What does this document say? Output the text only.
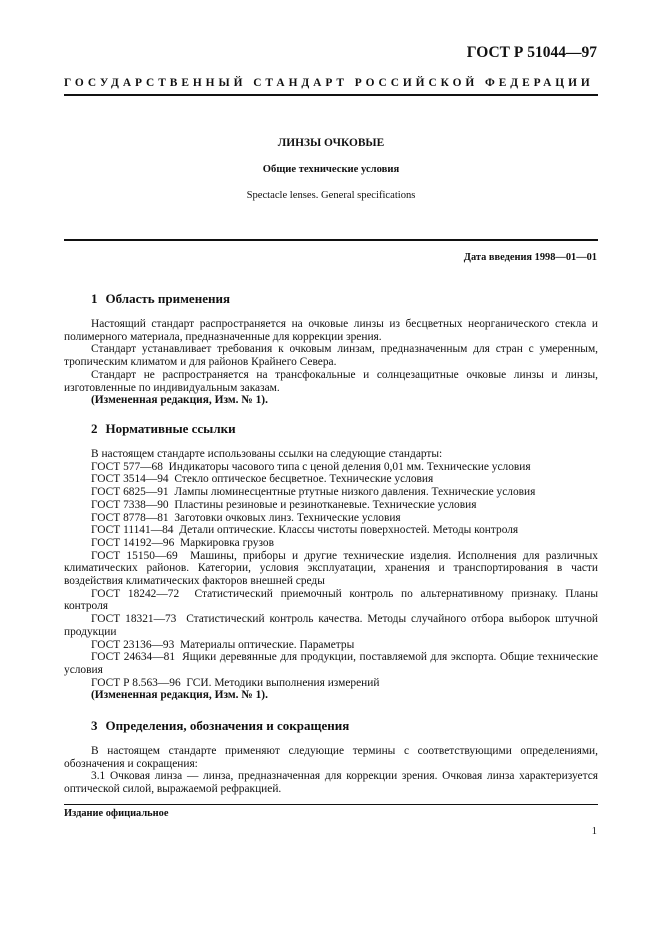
ГОСТ Р 51044—97
ГОСУДАРСТВЕННЫЙ СТАНДАРТ РОССИЙСКОЙ ФЕДЕРАЦИИ
ЛИНЗЫ ОЧКОВЫЕ
Общие технические условия
Spectacle lenses. General specifications
Дата введения 1998—01—01
1 Область применения

Настоящий стандарт распространяется на очковые линзы из бесцветных неорганического стекла и полимерного материала, предназначенные для коррекции зрения.

Стандарт устанавливает требования к очковым линзам, предназначенным для стран с умеренным, тропическим климатом и для районов Крайнего Севера.

Стандарт не распространяется на трансфокальные и солнцезащитные очковые линзы и линзы, изготовленные по индивидуальным заказам.

(Измененная редакция, Изм. № 1).

2 Нормативные ссылки

В настоящем стандарте использованы ссылки на следующие стандарты:

ГОСТ 577—68 Индикаторы часового типа с ценой деления 0,01 мм. Технические условия

ГОСТ 3514—94 Стекло оптическое бесцветное. Технические условия

ГОСТ 6825—91 Лампы люминесцентные ртутные низкого давления. Технические условия

ГОСТ 7338—90 Пластины резиновые и резинотканевые. Технические условия

ГОСТ 8778—81 Заготовки очковых линз. Технические условия

ГОСТ 11141—84 Детали оптические. Классы чистоты поверхностей. Методы контроля

ГОСТ 14192—96 Маркировка грузов

ГОСТ 15150—69 Машины, приборы и другие технические изделия. Исполнения для различных климатических районов. Категории, условия эксплуатации, хранения и транспортирования в части воздействия климатических факторов внешней среды

ГОСТ 18242—72 Статистический приемочный контроль по альтернативному признаку. Планы контроля

ГОСТ 18321—73 Статистический контроль качества. Методы случайного отбора выборок штучной продукции

ГОСТ 23136—93 Материалы оптические. Параметры

ГОСТ 24634—81 Ящики деревянные для продукции, поставляемой для экспорта. Общие технические условия

ГОСТ Р 8.563—96 ГСИ. Методики выполнения измерений

(Измененная редакция, Изм. № 1).

3 Определения, обозначения и сокращения

В настоящем стандарте применяют следующие термины с соответствующими определениями, обозначения и сокращения:

3.1 Очковая линза — линза, предназначенная для коррекции зрения. Очковая линза характеризуется оптической силой, выражаемой рефракцией.

Издание официальное
1
